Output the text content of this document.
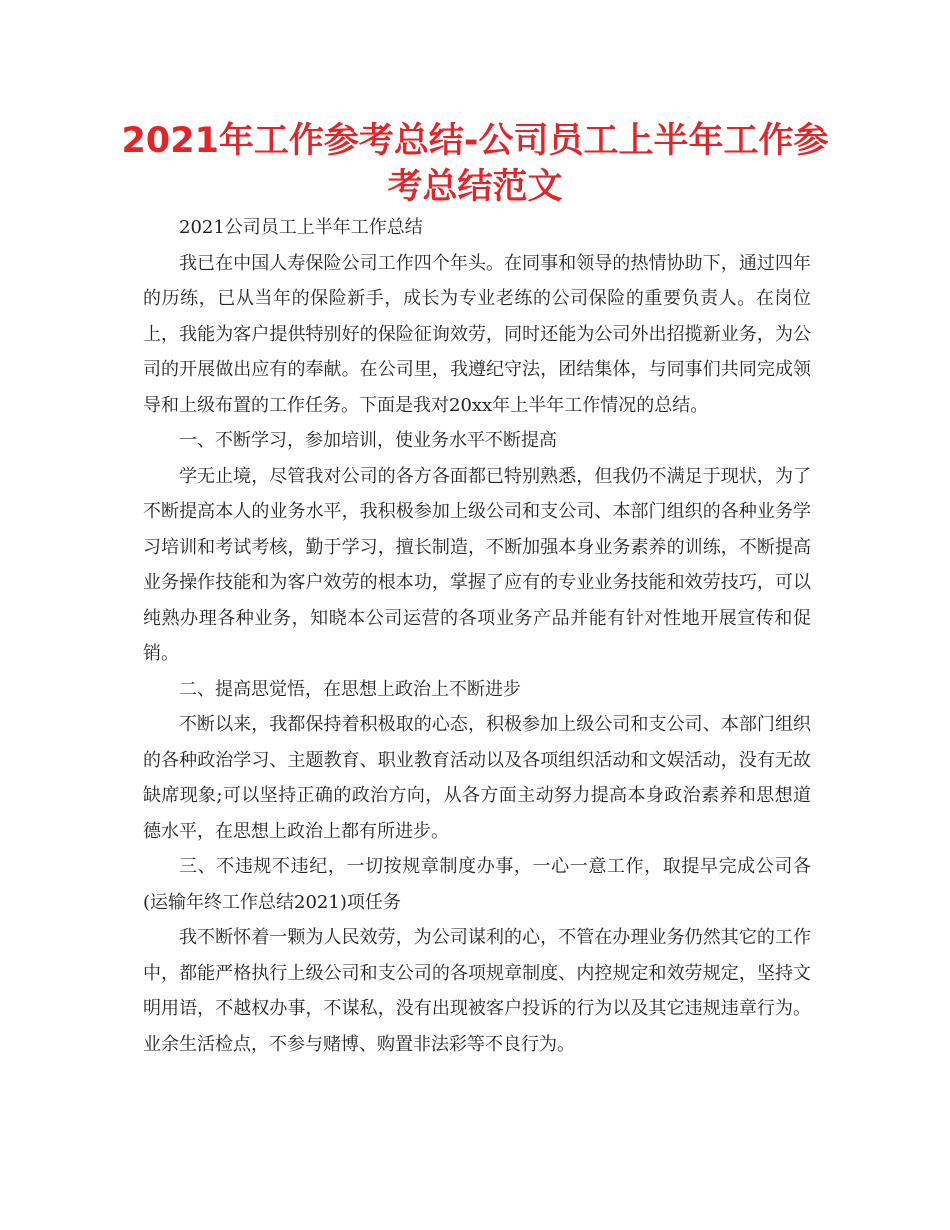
2021年工作参考总结-公司员工上半年工作参考总结范文

2021公司员工上半年工作总结

我已在中国人寿保险公司工作四个年头。在同事和领导的热情协助下，通过四年的历练，已从当年的保险新手，成长为专业老练的公司保险的重要负责人。在岗位上，我能为客户提供特别好的保险征询效劳，同时还能为公司外出招揽新业务，为公司的开展做出应有的奉献。在公司里，我遵纪守法，团结集体，与同事们共同完成领导和上级布置的工作任务。下面是我对20xx年上半年工作情况的总结。

一、不断学习，参加培训，使业务水平不断提高

学无止境，尽管我对公司的各方各面都已特别熟悉，但我仍不满足于现状，为了不断提高本人的业务水平，我积极参加上级公司和支公司、本部门组织的各种业务学习培训和考试考核，勤于学习，擅长制造，不断加强本身业务素养的训练，不断提高业务操作技能和为客户效劳的根本功，掌握了应有的专业业务技能和效劳技巧，可以纯熟办理各种业务，知晓本公司运营的各项业务产品并能有针对性地开展宣传和促销。

二、提高思觉悟，在思想上政治上不断进步

不断以来，我都保持着积极取的心态，积极参加上级公司和支公司、本部门组织的各种政治学习、主题教育、职业教育活动以及各项组织活动和文娱活动，没有无故缺席现象;可以坚持正确的政治方向，从各方面主动努力提高本身政治素养和思想道德水平，在思想上政治上都有所进步。

三、不违规不违纪，一切按规章制度办事，一心一意工作，取提早完成公司各(运输年终工作总结2021)项任务

我不断怀着一颗为人民效劳，为公司谋利的心，不管在办理业务仍然其它的工作中，都能严格执行上级公司和支公司的各项规章制度、内控规定和效劳规定，坚持文明用语，不越权办事，不谋私，没有出现被客户投诉的行为以及其它违规违章行为。业余生活检点，不参与赌博、购置非法彩等不良行为。
